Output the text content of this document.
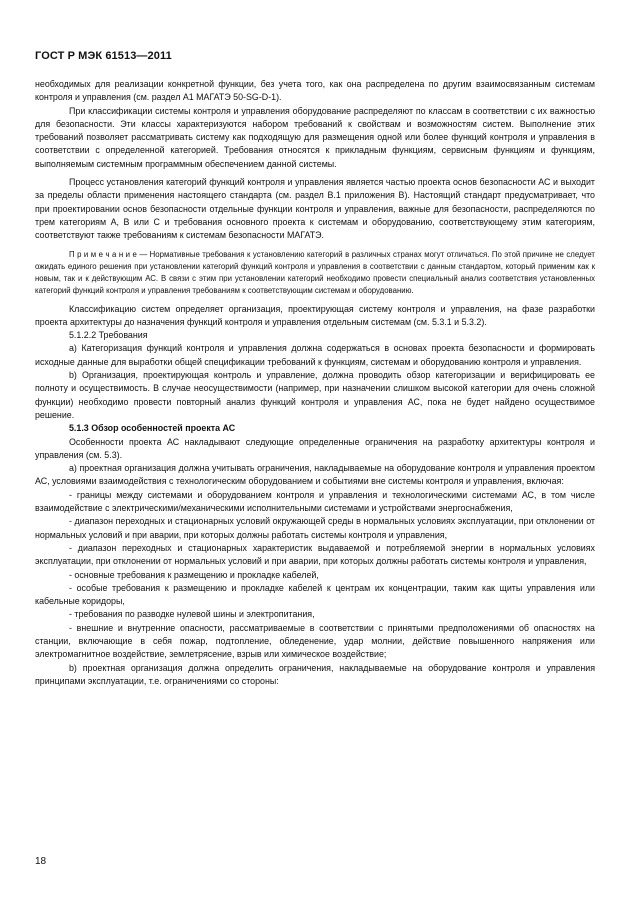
ГОСТ Р МЭК 61513—2011

необходимых для реализации конкретной функции, без учета того, как она распределена по другим взаимосвязанным системам контроля и управления (см. раздел А1 МАГАТЭ 50-SG-D-1).

При классификации системы контроля и управления оборудование распределяют по классам в соответствии с их важностью для безопасности. Эти классы характеризуются набором требований к свойствам и возможностям систем. Выполнение этих требований позволяет рассматривать систему как подходящую для размещения одной или более функций контроля и управления в соответствии с определенной категорией. Требования относятся к прикладным функциям, сервисным функциям и функциям, выполняемым системным программным обеспечением данной системы.

Процесс установления категорий функций контроля и управления является частью проекта основ безопасности АС и выходит за пределы области применения настоящего стандарта (см. раздел В.1 приложения В). Настоящий стандарт предусматривает, что при проектировании основ безопасности отдельные функции контроля и управления, важные для безопасности, распределяются по трем категориям А, В или С и требования основного проекта к системам и оборудованию, соответствующему этим категориям, соответствуют также требованиям к системам безопасности МАГАТЭ.

П р и м е ч а н и е — Нормативные требования к установлению категорий в различных странах могут отличаться. По этой причине не следует ожидать единого решения при установлении категорий функций контроля и управления в соответствии с данным стандартом, который применим как к новым, так и к действующим АС. В связи с этим при установлении категорий необходимо провести специальный анализ соответствия установленных категорий функций контроля и управления требованиям к соответствующим системам и оборудованию.

Классификацию систем определяет организация, проектирующая систему контроля и управления, на фазе разработки проекта архитектуры до назначения функций контроля и управления отдельным системам (см. 5.3.1 и 5.3.2).

5.1.2.2 Требования

а) Категоризация функций контроля и управления должна содержаться в основах проекта безопасности и формировать исходные данные для выработки общей спецификации требований к функциям, системам и оборудованию контроля и управления.

b) Организация, проектирующая контроль и управление, должна проводить обзор категоризации и верифицировать ее полноту и осуществимость. В случае неосуществимости (например, при назначении слишком высокой категории для очень сложной функции) необходимо провести повторный анализ функций контроля и управления АС, пока не будет найдено осуществимое решение.

5.1.3 Обзор особенностей проекта АС

Особенности проекта АС накладывают следующие определенные ограничения на разработку архитектуры контроля и управления (см. 5.3).

а) проектная организация должна учитывать ограничения, накладываемые на оборудование контроля и управления проектом АС, условиями взаимодействия с технологическим оборудованием и событиями вне системы контроля и управления, включая:

- границы между системами и оборудованием контроля и управления и технологическими системами АС, в том числе взаимодействие с электрическими/механическими исполнительными системами и устройствами энергоснабжения,

- диапазон переходных и стационарных условий окружающей среды в нормальных условиях эксплуатации, при отклонении от нормальных условий и при аварии, при которых должны работать системы контроля и управления,

- диапазон переходных и стационарных характеристик выдаваемой и потребляемой энергии в нормальных условиях эксплуатации, при отклонении от нормальных условий и при аварии, при которых должны работать системы контроля и управления,

- основные требования к размещению и прокладке кабелей,

- особые требования к размещению и прокладке кабелей к центрам их концентрации, таким как щиты управления или кабельные коридоры,

- требования по разводке нулевой шины и электропитания,

- внешние и внутренние опасности, рассматриваемые в соответствии с принятыми предположениями об опасностях на станции, включающие в себя пожар, подтопление, обледенение, удар молнии, действие повышенного напряжения или электромагнитное воздействие, землетрясение, взрыв или химическое воздействие;

b) проектная организация должна определить ограничения, накладываемые на оборудование контроля и управления принципами эксплуатации, т.е. ограничениями со стороны:

18
